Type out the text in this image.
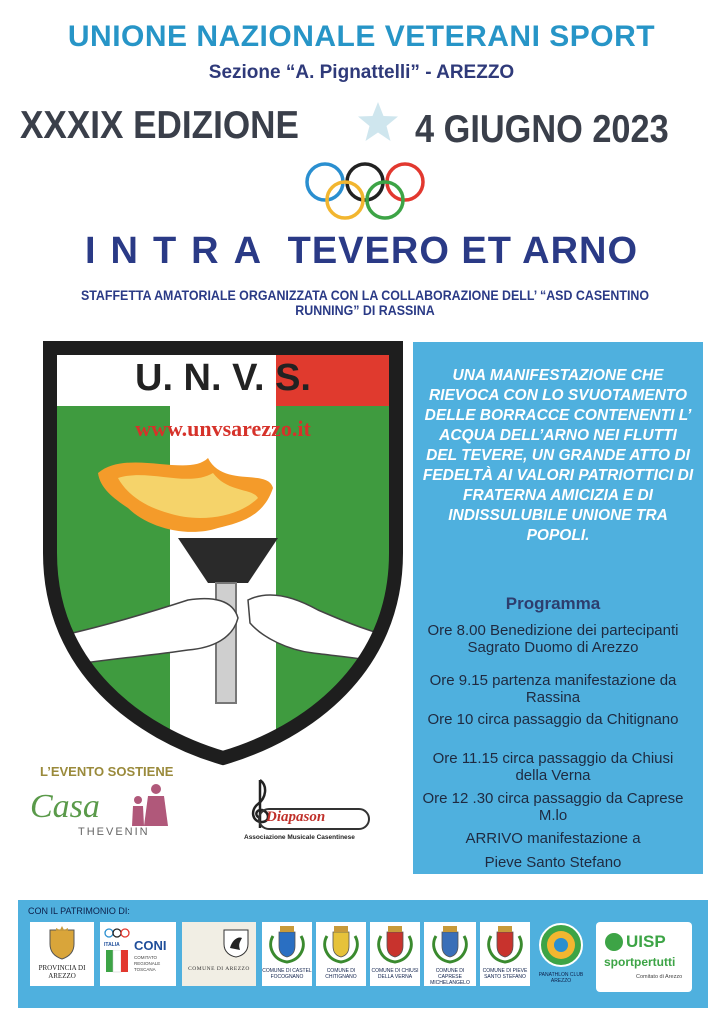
UNIONE NAZIONALE VETERANI SPORT
Sezione “A. Pignattelli” - AREZZO
XXXIX EDIZIONE	4 GIUGNO 2023
INTRA TEVERO ET ARNO
STAFFETTA AMATORIALE ORGANIZZATA CON LA COLLABORAZIONE DELL’ “ASD CASENTINO RUNNING” DI RASSINA
U. N. V. S.
www.unvsarezzo.it
UNA MANIFESTAZIONE CHE RIEVOCA CON LO SVUOTAMENTO DELLE BORRACCE CONTENENTI L’ ACQUA DELL’ARNO NEI FLUTTI DEL TEVERE, UN GRANDE ATTO DI FEDELTÀ AI VALORI PATRIOTTICI DI FRATERNA AMICIZIA E DI INDISSULUBILE UNIONE TRA POPOLI.
Programma
Ore 8.00 Benedizione dei partecipanti Sagrato Duomo di Arezzo
Ore 9.15 partenza manifestazione da Rassina
Ore 10 circa passaggio da Chitignano
Ore 11.15 circa passaggio da Chiusi della Verna
Ore 12 .30 circa passaggio da Caprese M.lo
ARRIVO manifestazione a
Pieve Santo Stefano
L’EVENTO SOSTIENE
Casa
THEVENIN
Diapason
Associazione Musicale Casentinese
CON IL PATRIMONIO DI:
PROVINCIA DI AREZZO
ITALIA CONI
COMITATO REGIONALE TOSCANA	COMUNE DI AREZZO	COMUNE DI CASTEL FOCOGNANO
COMUNE DI CHITIGNANO
COMUNE DI CHIUSI DELLA VERNA
COMUNE DI CAPRESE MICHELANGELO
COMUNE DI PIEVE SANTO STEFANO	PANATHLON CLUB AREZZO
UISP
sportpertutti
Comitato di Arezzo
